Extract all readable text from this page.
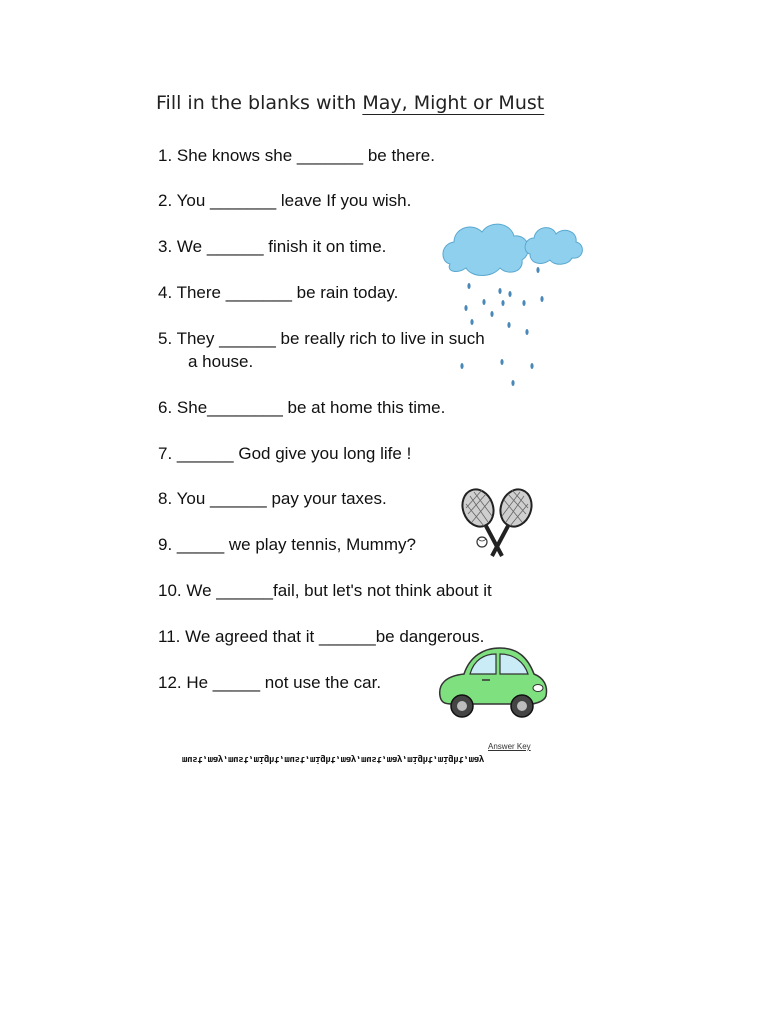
Fill in the blanks with May, Might or Must
1. She knows she _______ be there.
2. You _______ leave If you wish.
3. We ______ finish it on time.
4. There _______ be rain today.
5. They ______ be really rich to live in such
a house.
6. She________ be at home this time.
7. ______ God give you long life !
8. You ______ pay your taxes.
9. _____ we play tennis, Mummy?
10. We ______fail, but let's not think about it
11. We agreed that it ______be dangerous.
12. He _____ not use the car.
Answer Key
must,may,must,might,must,might,may,must,may,might,might,may
